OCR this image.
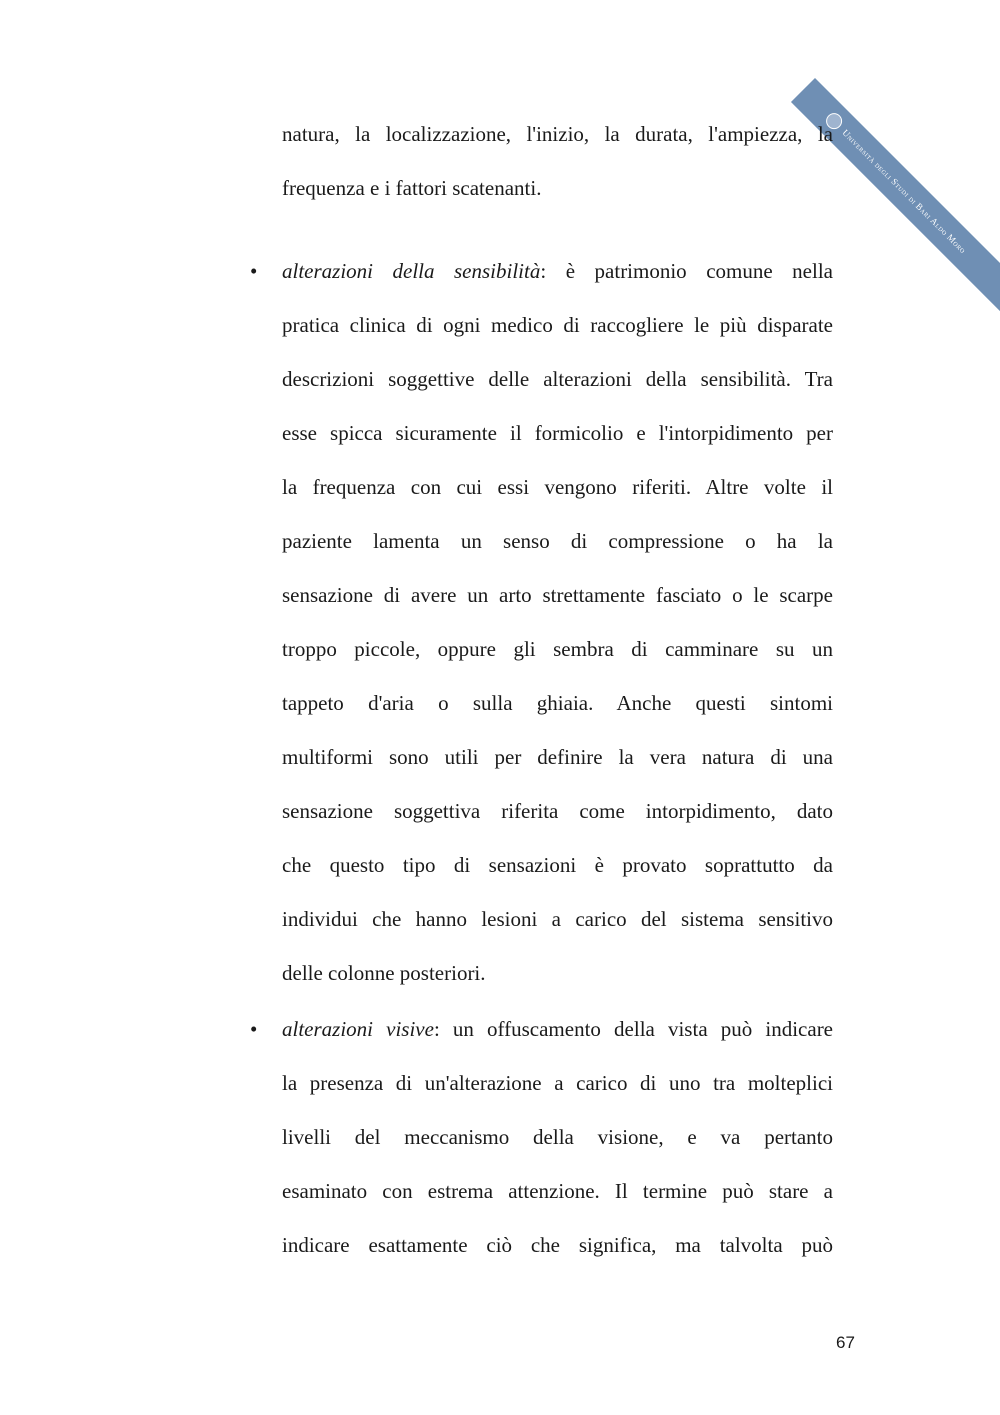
Università degli Studi di Bari Aldo Moro
natura, la localizzazione, l'inizio, la durata, l'ampiezza, la
frequenza e i fattori scatenanti.
•	alterazioni della sensibilità: è patrimonio comune nella
pratica clinica di ogni medico di raccogliere le più disparate
descrizioni soggettive delle alterazioni della sensibilità. Tra
esse spicca sicuramente il formicolio e l'intorpidimento per
la frequenza con cui essi vengono riferiti. Altre volte il
paziente lamenta un senso di compressione o ha la
sensazione di avere un arto strettamente fasciato o le scarpe
troppo piccole, oppure gli sembra di camminare su un
tappeto d'aria o sulla ghiaia. Anche questi sintomi
multiformi sono utili per definire la vera natura di una
sensazione soggettiva riferita come intorpidimento, dato
che questo tipo di sensazioni è provato soprattutto da
individui che hanno lesioni a carico del sistema sensitivo
delle colonne posteriori.
•	alterazioni visive: un offuscamento della vista può indicare
la presenza di un'alterazione a carico di uno tra molteplici
livelli del meccanismo della visione, e va pertanto
esaminato con estrema attenzione. Il termine può stare a
indicare esattamente ciò che significa, ma talvolta può
67
